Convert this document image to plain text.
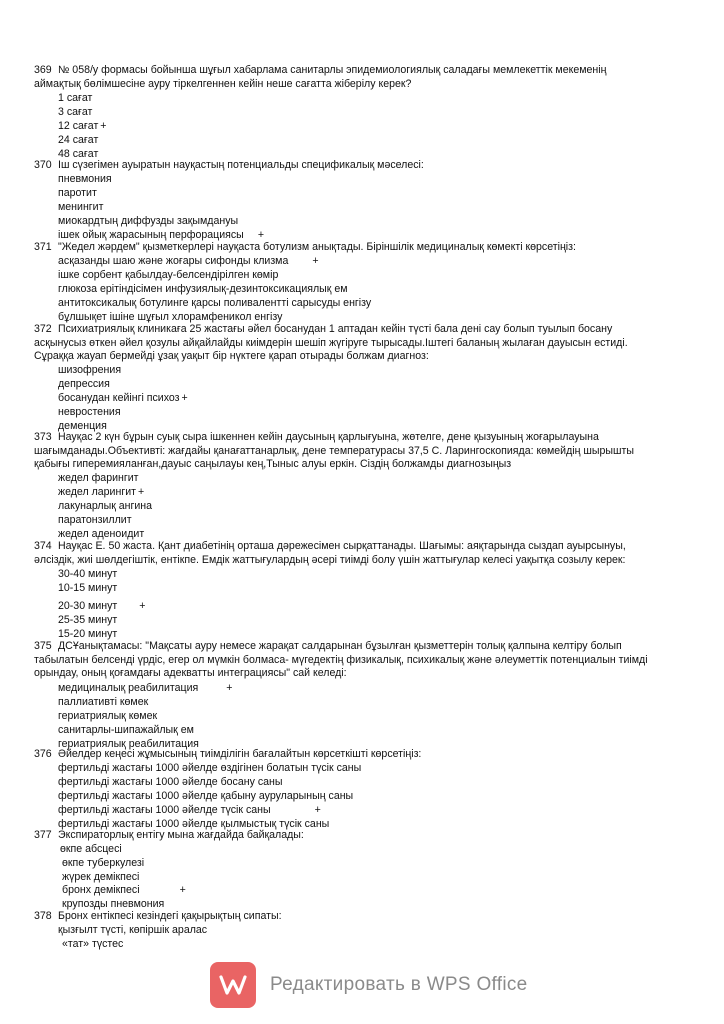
369 № 058/у формасы бойынша шұғыл хабарлама санитарлы эпидемиологиялық саладағы мемлекеттік мекеменің
аймақтық бөлімшесіне ауру тіркелгеннен кейін неше сағатта жіберілу керек?
1 сағат
3 сағат
12 сағат +
24 сағат
48 сағат
370 Іш сүзегімен ауыратын науқастың потенциальды спецификалық мәселесі:
пневмония
паротит
менингит
миокардтың диффузды зақымдануы
ішек ойық жарасының перфорациясы +
371 "Жедел жәрдем" қызметкерлері науқаста ботулизм анықтады. Біріншілік медициналық көмекті көрсетіңіз:
асқазанды шаю және жоғары сифонды клизма +
ішке сорбент қабылдау-белсендірілген көмір
глюкоза ерітіндісімен инфузиялық-дезинтоксикациялық ем
антитоксикалық ботулинге қарсы поливалентті сарысуды енгізу
бұлшықет ішіне шұғыл хлорамфеникол енгізу
372 Психиатриялық клиникаға 25 жастағы әйел босанудан 1 аптадан кейін түсті бала дені сау болып туылып босану
асқынусыз өткен әйел қозулы айқайлайды киімдерін шешіп жүгіруге тырысады.Іштегі баланың жылаған дауысын естиді.
Сұраққа жауап бермейді ұзақ уақыт бір нүктеге қарап отырады болжам диагноз:
шизофрения
депрессия
босанудан кейінгі психоз +
невростения
деменция
373 Науқас 2 күн бұрын суық сыра ішкеннен кейін даусының қарлығуына, жөтелге, дене қызуының жоғарылауына
шағымданады.Объективті: жағдайы қанағаттанарлық, дене температурасы 37,5 С. Ларингоскопияда: көмейдің шырышты
қабығы гиперемияланған,дауыс саңылауы кең,Тыныс алуы еркін. Сіздің болжамды диагнозыңыз
жедел фарингит
жедел ларингит +
лакунарлық ангина
паратонзиллит
жедел аденоидит
374 Науқас Е. 50 жаста. Қант диабетінің орташа дәрежесімен сырқаттанады. Шағымы: аяқтарында сыздап ауырсынуы,
әлсіздік, жиі шөлдегіштік, ентікпе. Емдік жаттығулардың әсері тиімді болу үшін жаттығулар келесі уақытқа созылу керек:
30-40 минут
10-15 минут
20-30 минут +
25-35 минут
15-20 минут
375 ДСҰанықтамасы: "Мақсаты ауру немесе жарақат салдарынан бұзылған қызметтерін толық қалпына келтіру болып
табылатын белсенді үрдіс, егер ол мүмкін болмаса- мүгедектің физикалық, психикалық және әлеуметтік потенциалын тиімді
орындау, оның қоғамдағы адекватты интеграциясы" сай келеді:
медициналық реабилитация	+
паллиативті көмек
гериатриялық көмек
санитарлы-шипажайлық ем
гериатриялық реабилитация
376 Әйелдер кеңесі жұмысының тиімділігін бағалайтын көрсеткішті көрсетіңіз:
фертильді жастағы 1000 әйелде өздігінен болатын түсік саны
фертильді жастағы 1000 әйелде босану саны
фертильді жастағы 1000 әйелде қабыну ауруларының саны
фертильді жастағы 1000 әйелде түсік саны	+
фертильді жастағы 1000 әйелде қылмыстық түсік саны
377 Экспираторлық ентігу мына жағдайда байқалады:
өкпе абсцесі
өкпе туберкулезі
жүрек демікпесі
бронх демікпесі	+
крупозды пневмония
378 Бронх ентікпесі кезіндегі қақырықтың сипаты:
қызғылт түсті, көпіршік аралас
«тат» түстес
Редактировать в WPS Office
